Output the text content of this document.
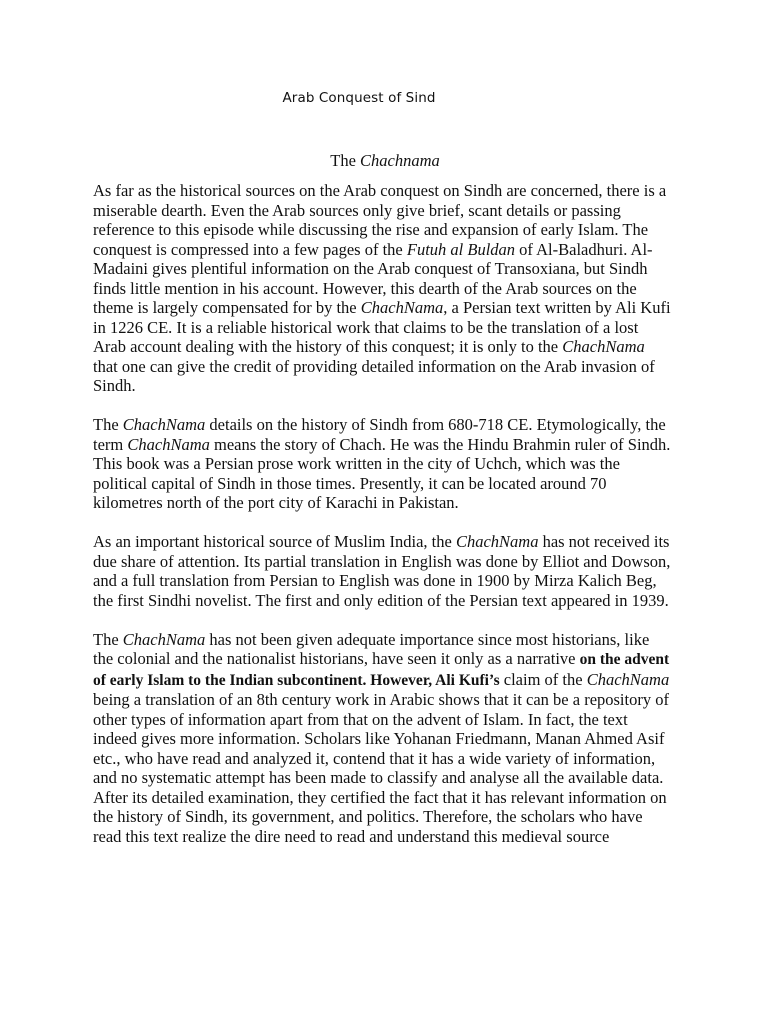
Arab Conquest of Sind
The Chachnama

As far as the historical sources on the Arab conquest on Sindh are concerned, there is a miserable dearth. Even the Arab sources only give brief, scant details or passing reference to this episode while discussing the rise and expansion of early Islam. The conquest is compressed into a few pages of the Futuh al Buldan of Al-Baladhuri. Al-Madaini gives plentiful information on the Arab conquest of Transoxiana, but Sindh finds little mention in his account. However, this dearth of the Arab sources on the theme is largely compensated for by the ChachNama, a Persian text written by Ali Kufi in 1226 CE. It is a reliable historical work that claims to be the translation of a lost Arab account dealing with the history of this conquest; it is only to the ChachNama that one can give the credit of providing detailed information on the Arab invasion of Sindh.

The ChachNama details on the history of Sindh from 680-718 CE. Etymologically, the term ChachNama means the story of Chach. He was the Hindu Brahmin ruler of Sindh. This book was a Persian prose work written in the city of Uchch, which was the political capital of Sindh in those times. Presently, it can be located around 70 kilometres north of the port city of Karachi in Pakistan.

As an important historical source of Muslim India, the ChachNama has not received its due share of attention. Its partial translation in English was done by Elliot and Dowson, and a full translation from Persian to English was done in 1900 by Mirza Kalich Beg, the first Sindhi novelist. The first and only edition of the Persian text appeared in 1939.

The ChachNama has not been given adequate importance since most historians, like the colonial and the nationalist historians, have seen it only as a narrative on the advent of early Islam to the Indian subcontinent. However, Ali Kufi’s claim of the ChachNama being a translation of an 8th century work in Arabic shows that it can be a repository of other types of information apart from that on the advent of Islam. In fact, the text indeed gives more information. Scholars like Yohanan Friedmann, Manan Ahmed Asif etc., who have read and analyzed it, contend that it has a wide variety of information, and no systematic attempt has been made to classify and analyse all the available data. After its detailed examination, they certified the fact that it has relevant information on the history of Sindh, its government, and politics. Therefore, the scholars who have read this text realize the dire need to read and understand this medieval source
